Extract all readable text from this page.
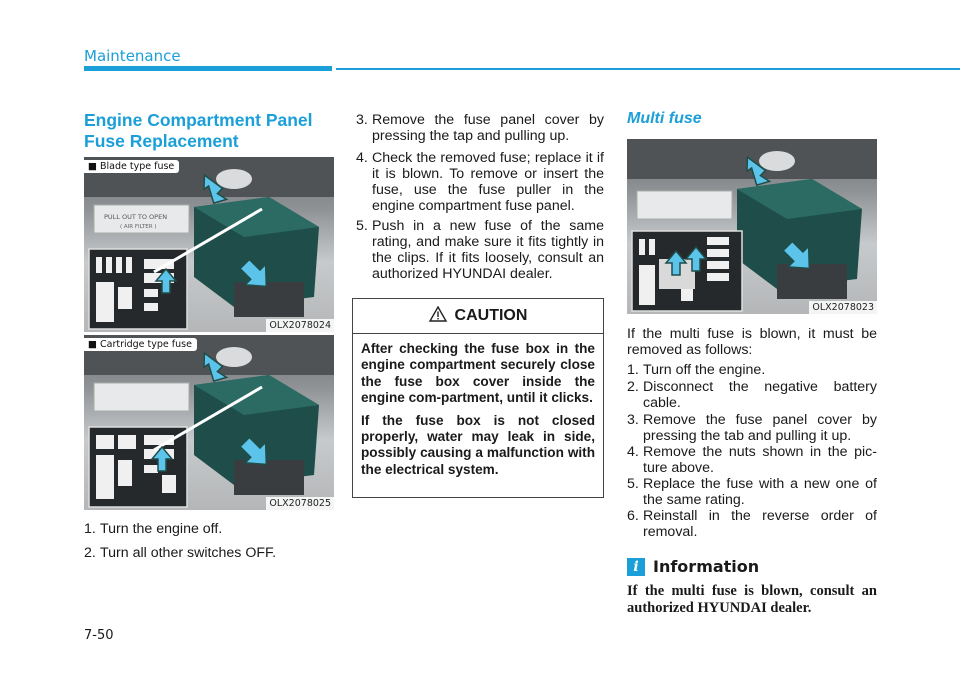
Maintenance
Engine Compartment Panel Fuse Replacement
PULL OUT TO OPEN
( AIR FILTER )
■ Blade type fuse
OLX2078024
■ Cartridge type fuse
OLX2078025
1. Turn the engine off.
2. Turn all other switches OFF.
3. Remove the fuse panel cover by pressing the tap and pulling up.
4. Check the removed fuse; replace it if it is blown. To remove or insert the fuse, use the fuse puller in the engine compartment fuse panel.
5. Push in a new fuse of the same rating, and make sure it fits tightly in the clips. If it fits loosely, consult an authorized HYUNDAI dealer.
CAUTION

After checking the fuse box in the engine compartment securely close the fuse box cover inside the engine com-partment, until it clicks.

If the fuse box is not closed properly, water may leak in side, possibly causing a malfunction with the electrical system.

Multi fuse
OLX2078023

If the multi fuse is blown, it must be removed as follows:

1. Turn off the engine.
2. Disconnect the negative battery cable.
3. Remove the fuse panel cover by pressing the tab and pulling it up.
4. Remove the nuts shown in the pic-ture above.
5. Replace the fuse with a new one of the same rating.
6. Reinstall in the reverse order of removal.
i Information

If the multi fuse is blown, consult an authorized HYUNDAI dealer.

7-50
